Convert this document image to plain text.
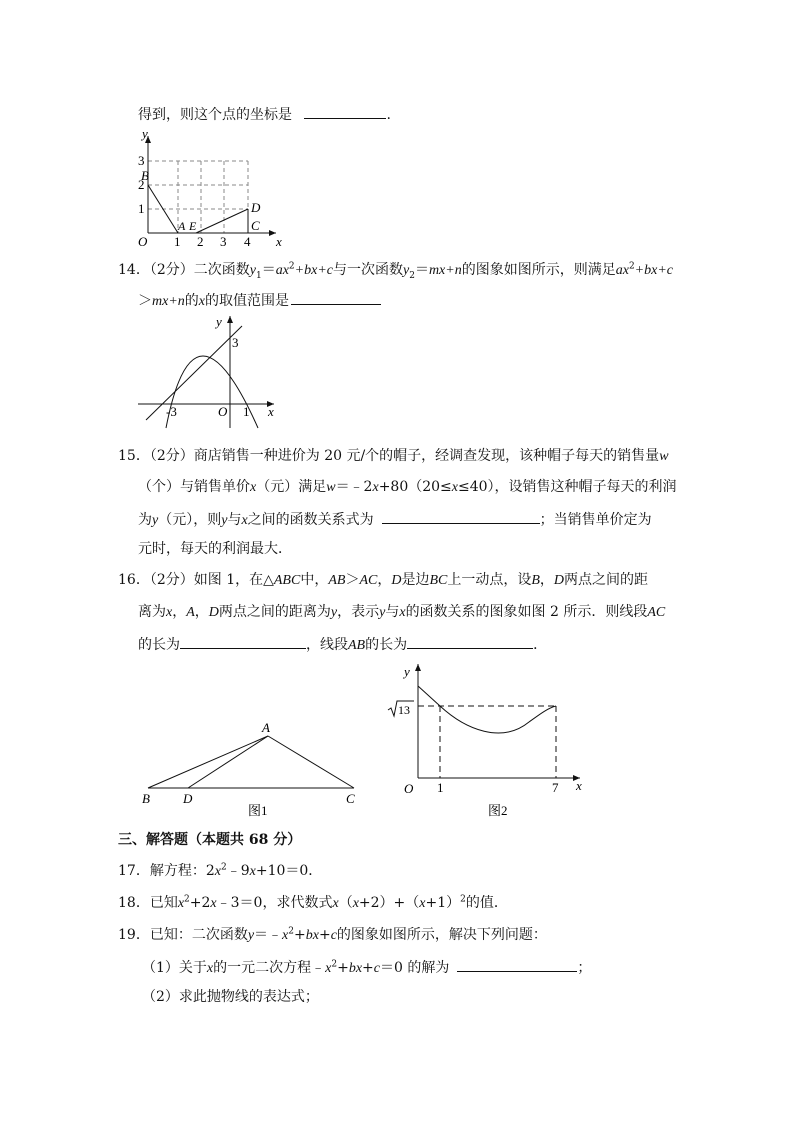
得到，则这个点的坐标是	.
y
x
O
1
2
3
1 2 3 4
B
A E
D
C
14．（2分）二次函数$y_1=ax^2+bx+c$与一次函数$y_2=mx+n$的图象如图所示，则满足$ax^2+bx+c$
＞mx+n的x的取值范围是
y
x
O
3
-3	1
15．（2分）商店销售一种进价为 20 元/个的帽子，经调查发现，该种帽子每天的销售量w
（个）与销售单价x（元）满足w＝﹣2x+80（20≤x≤40），设销售这种帽子每天的利润
为y（元），则y与x之间的函数关系式为	；当销售单价定为
元时，每天的利润最大．
16．（2分）如图 1，在△ABC中，AB＞AC，D是边BC上一动点，设B，D两点之间的距
离为x，A，D两点之间的距离为y，表示y与x的函数关系的图象如图 2 所示．则线段AC
的长为	，线段AB的长为	．
A
B	D	C
图1
y
x
O
13
1	7
图2
三、解答题（本题共 68 分）
17．解方程：$2x^2﹣9x+10=0$．
18．已知$x^2+2x﹣3=0$，求代数式$x(x+2)+(x+1)^2$的值．
19．已知：二次函数$y=﹣x^2+bx+c$的图象如图所示，解决下列问题：
（1）关于x的一元二次方程$﹣x^2+bx+c=0$ 的解为	；
（2）求此抛物线的表达式；
